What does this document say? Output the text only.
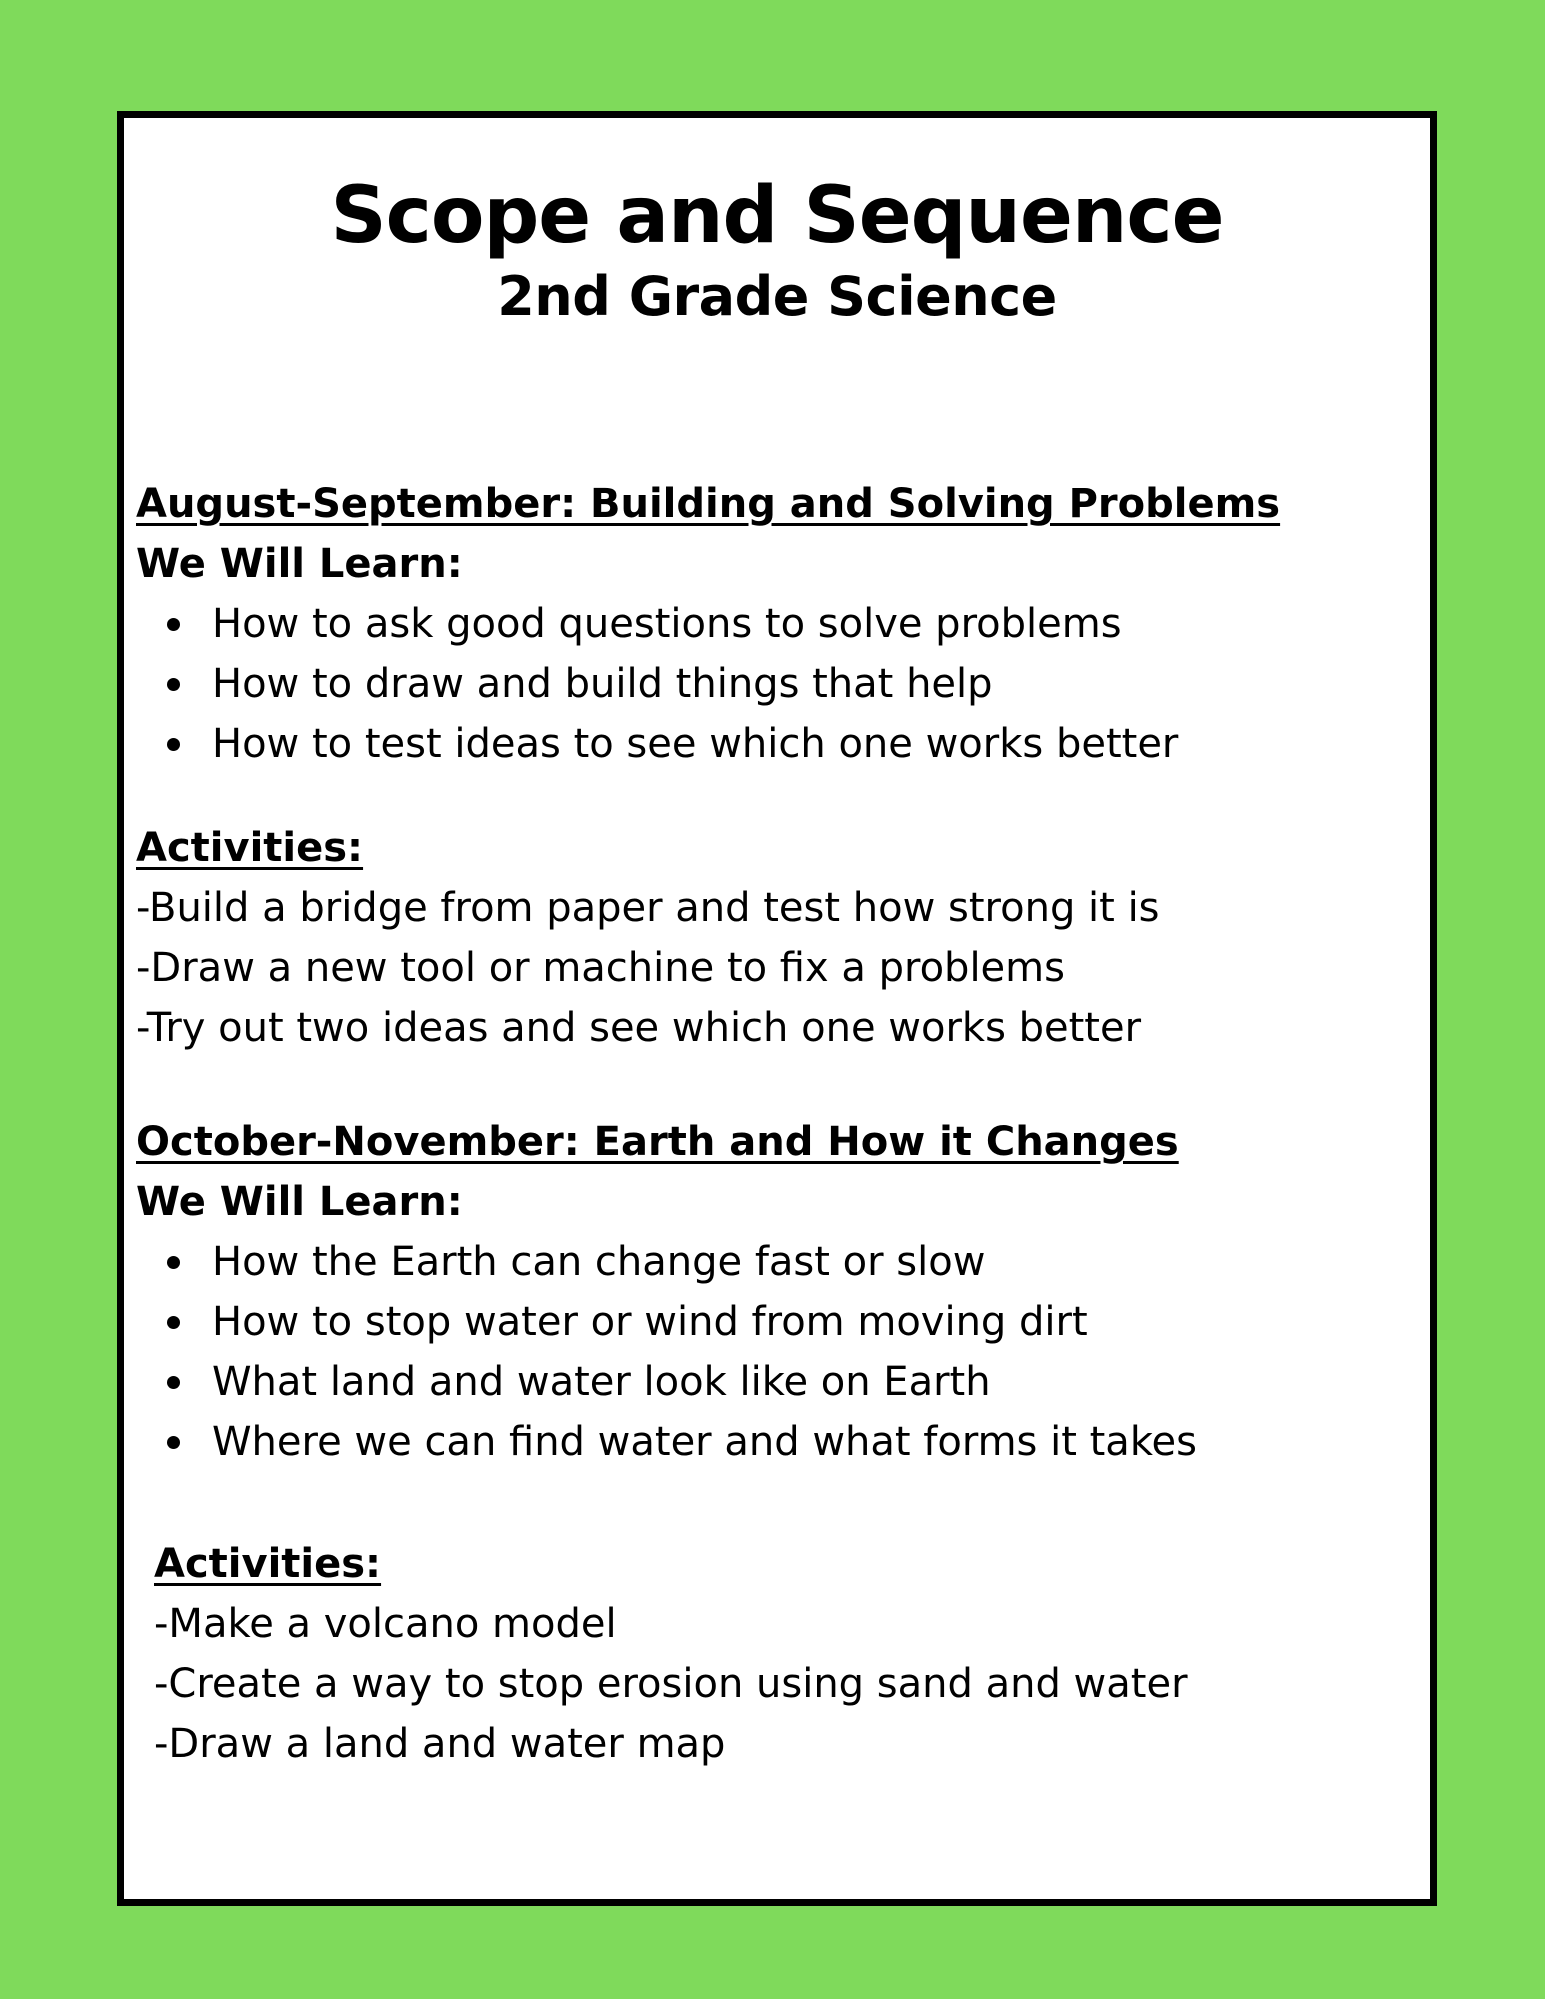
Scope and Sequence

2nd Grade Science

August-September: Building and Solving Problems

We Will Learn:

How to ask good questions to solve problems
How to draw and build things that help
How to test ideas to see which one works better

Activities:

-Build a bridge from paper and test how strong it is

-Draw a new tool or machine to fix a problems

-Try out two ideas and see which one works better

October-November: Earth and How it Changes

We Will Learn:

How the Earth can change fast or slow
How to stop water or wind from moving dirt
What land and water look like on Earth
Where we can find water and what forms it takes

Activities:

-Make a volcano model

-Create a way to stop erosion using sand and water

-Draw a land and water map
